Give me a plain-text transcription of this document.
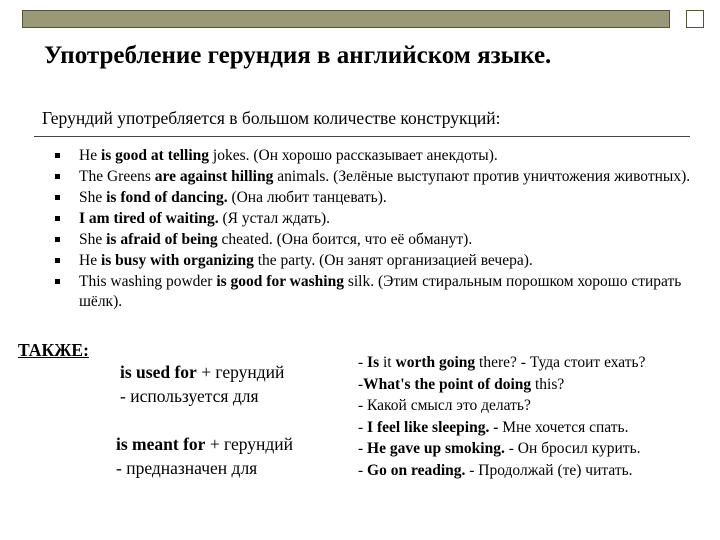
Употребление герундия в английском языке.

Герундий употребляется в большом количестве конструкций:

He is good at telling jokes. (Он хорошо рассказывает анекдоты).
The Greens are against hilling animals. (Зелёные выступают против уничтожения животных).
She is fond of dancing. (Она любит танцевать).
I am tired of waiting. (Я устал ждать).
She is afraid of being cheated. (Она боится, что её обманут).
He is busy with organizing the party. (Он занят организацией вечера).
This washing powder is good for washing silk. (Этим стиральным порошком хорошо стирать шёлк).

ТАКЖЕ:

is used for + герундий
- используется для
is meant for + герундий
- предназначен для
- Is it worth going there? - Туда стоит ехать?
-What's the point of doing this?
- Какой смысл это делать?
- I feel like sleeping. - Мне хочется спать.
- He gave up smoking. - Он бросил курить.
- Go on reading. - Продолжай (те) читать.
